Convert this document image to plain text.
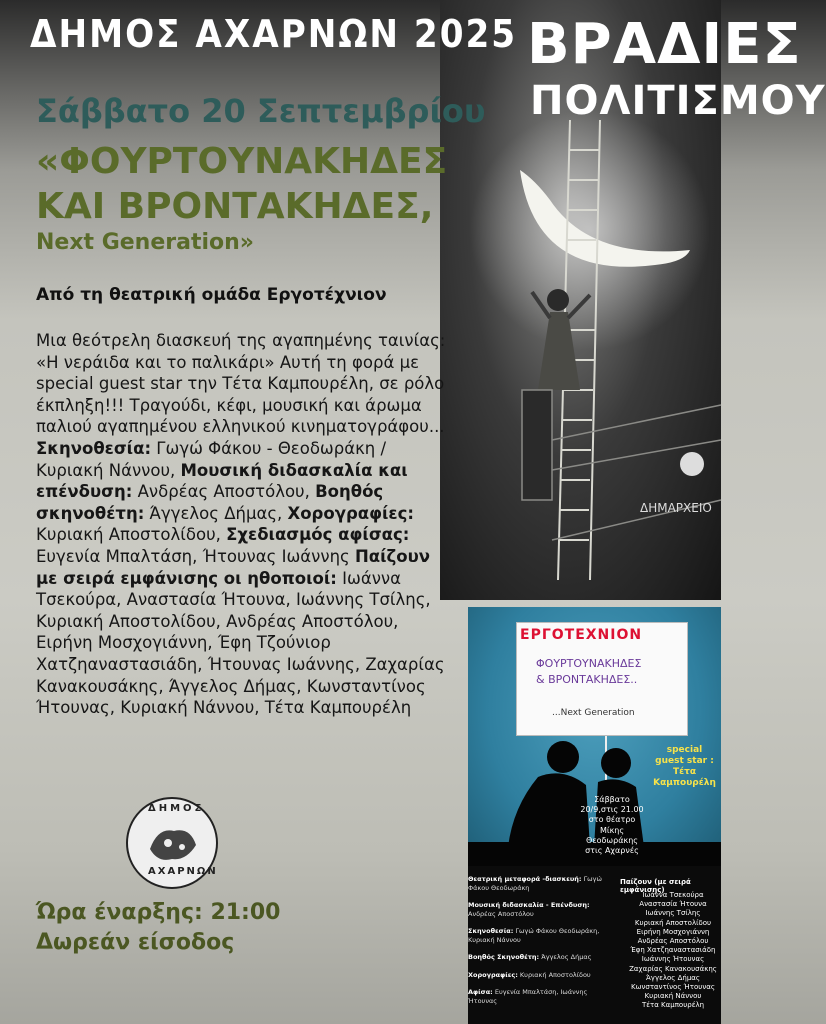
ΔΗΜΑΡΧΕΙΟ
ΔΗΜΟΣ ΑΧΑΡΝΩΝ 2025 ΒΡΑΔΙΕΣ
ΠΟΛΙΤΙΣΜΟΥ
Σάββατο 20 Σεπτεμβρίου
«ΦΟΥΡΤΟΥΝΑΚΗΔΕΣ
ΚΑΙ ΒΡΟΝΤΑΚΗΔΕΣ,
Next Generation»
Από τη θεατρική ομάδα Εργοτέχνιον
Μια θεότρελη διασκευή της αγαπημένης ταινίας: «Η νεράιδα και το παλικάρι» Αυτή τη φορά με special guest star την Τέτα Καμπουρέλη, σε ρόλο έκπληξη!!! Τραγούδι, κέφι, μουσική και άρωμα παλιού αγαπημένου ελληνικού κινηματογράφου... Σκηνοθεσία: Γωγώ Φάκου - Θεοδωράκη / Κυριακή Νάννου, Μουσική διδασκαλία και επένδυση: Ανδρέας Αποστόλου, Βοηθός σκηνοθέτη: Άγγελος Δήμας, Χορογραφίες: Κυριακή Αποστολίδου, Σχεδιασμός αφίσας: Ευγενία Μπαλτάση, Ήτουνας Ιωάννης Παίζουν με σειρά εμφάνισης οι ηθοποιοί: Ιωάννα Τσεκούρα, Αναστασία Ήτουνα, Ιωάννης Τσίλης, Κυριακή Αποστολίδου, Ανδρέας Αποστόλου, Ειρήνη Μοσχογιάννη, Έφη Τζούνιορ Χατζηαναστασιάδη, Ήτουνας Ιωάννης, Ζαχαρίας Κανακουσάκης, Άγγελος Δήμας, Κωνσταντίνος Ήτουνας, Κυριακή Νάννου, Τέτα Καμπουρέλη
ΔΗΜΟΣ
ΑΧΑΡΝΩΝ
Ώρα έναρξης: 21:00
Δωρεάν είσοδος
Θεατρική μεταφορά -διασκευή: Γωγώ Φάκου Θεοδωράκη
Μουσική διδασκαλία - Επένδυση:
Ανδρέας Αποστόλου
Σκηνοθεσία: Γωγώ Φάκου Θεοδωράκη, Κυριακή Νάννου
Βοηθός Σκηνοθέτη: Άγγελος Δήμας
Χορογραφίες: Κυριακή Αποστολίδου
Αφίσα: Ευγενία Μπαλτάση, Ιωάννης Ήτουνας
ΕΡΓΟΤΕΧΝΙΟΝ
ΦΟΥΡΤΟΥΝΑΚΗΔΕΣ
& ΒΡΟΝΤΑΚΗΔΕΣ..
...Next Generation
special guest star : Τέτα Καμπουρέλη
Σάββατο 20/9,στις 21.00 στο θέατρο Μίκης Θεοδωράκης στις Αχαρνές
Παίζουν (με σειρά εμφάνισης)
Ιωάννα Τσεκούρα
Αναστασία Ήτουνα
Ιωάννης Τσίλης
Κυριακή Αποστολίδου
Ειρήνη Μοσχογιάννη
Ανδρέας Αποστόλου
Έφη Χατζηαναστασιάδη
Ιωάννης Ήτουνας
Ζαχαρίας Κανακουσάκης
Άγγελος Δήμας
Κωνσταντίνος Ήτουνας
Κυριακή Νάννου
Τέτα Καμπουρέλη
